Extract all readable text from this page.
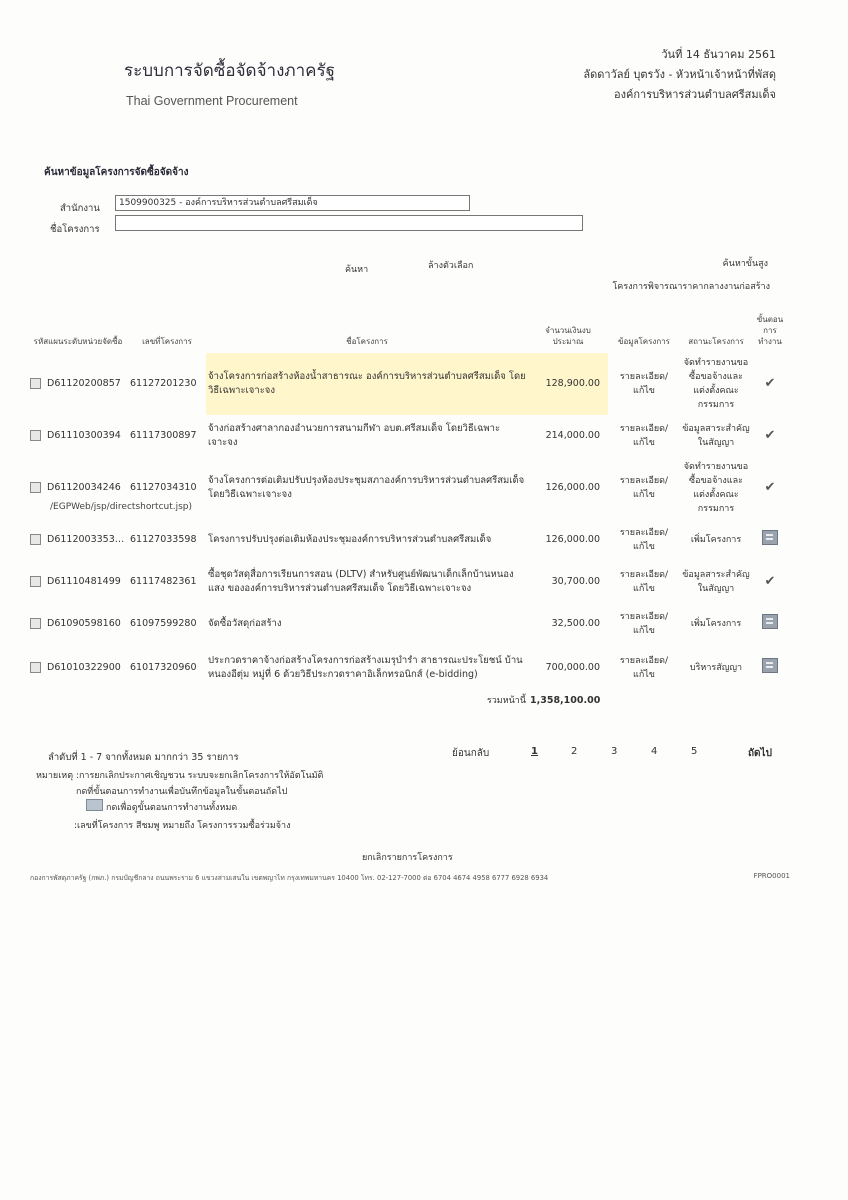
ระบบการจัดซื้อจัดจ้างภาครัฐ
Thai Government Procurement
วันที่ 14 ธันวาคม 2561
ลัดดาวัลย์ บุตรวัง - หัวหน้าเจ้าหน้าที่พัสดุ
องค์การบริหารส่วนตำบลศรีสมเด็จ
ค้นหาข้อมูลโครงการจัดซื้อจัดจ้าง
สำนักงาน	1509900325 - องค์การบริหารส่วนตำบลศรีสมเด็จ
ชื่อโครงการ
ค้นหา	ล้างตัวเลือก	ค้นหาขั้นสูง
โครงการพิจารณาราคากลางงานก่อสร้าง
รหัสแผนระดับหน่วยจัดซื้อ	เลขที่โครงการ	ชื่อโครงการ	จำนวนเงินงบประมาณ	ข้อมูลโครงการ	สถานะโครงการ	ขั้นตอนการทำงาน
D61120200857	61127201230	จ้างโครงการก่อสร้างห้องน้ำสาธารณะ องค์การบริหารส่วนตำบลศรีสมเด็จ โดยวิธีเฉพาะเจาะจง	128,900.00	รายละเอียด/แก้ไข	จัดทำรายงานขอซื้อขอจ้างและแต่งตั้งคณะกรรมการ	✔
D61110300394	61117300897	จ้างก่อสร้างศาลากองอำนวยการสนามกีฬา อบต.ศรีสมเด็จ โดยวิธีเฉพาะเจาะจง	214,000.00	รายละเอียด/แก้ไข	ข้อมูลสาระสำคัญในสัญญา	✔
D61120034246	61127034310	จ้างโครงการต่อเติมปรับปรุงห้องประชุมสภาองค์การบริหารส่วนตำบลศรีสมเด็จ โดยวิธีเฉพาะเจาะจง	126,000.00	รายละเอียด/แก้ไข	จัดทำรายงานขอซื้อขอจ้างและแต่งตั้งคณะกรรมการ	✔
D6112003353…	61127033598	โครงการปรับปรุงต่อเติมห้องประชุมองค์การบริหารส่วนตำบลศรีสมเด็จ	126,000.00	รายละเอียด/แก้ไข	เพิ่มโครงการ	
D61110481499	61117482361	ซื้อชุดวัสดุสื่อการเรียนการสอน (DLTV) สำหรับศูนย์พัฒนาเด็กเล็กบ้านหนองแสง ขององค์การบริหารส่วนตำบลศรีสมเด็จ โดยวิธีเฉพาะเจาะจง	30,700.00	รายละเอียด/แก้ไข	ข้อมูลสาระสำคัญในสัญญา	✔
D61090598160	61097599280	จัดซื้อวัสดุก่อสร้าง	32,500.00	รายละเอียด/แก้ไข	เพิ่มโครงการ	
D61010322900	61017320960	ประกวดราคาจ้างก่อสร้างโครงการก่อสร้างเมรุบำรำ สาธารณะประโยชน์ บ้านหนองอีตุ่ม หมู่ที่ 6 ด้วยวิธีประกวดราคาอิเล็กทรอนิกส์ (e-bidding)	700,000.00	รายละเอียด/แก้ไข	บริหารสัญญา	
		รวมหน้านี้	1,358,100.00			
/EGPWeb/jsp/directshortcut.jsp)
ลำดับที่ 1 - 7 จากทั้งหมด มากกว่า 35 รายการ	ย้อนกลับ	1	2	3	4	5	ถัดไป
หมายเหตุ :การยกเลิกประกาศเชิญชวน ระบบจะยกเลิกโครงการให้อัตโนมัติ
กดที่ขั้นตอนการทำงานเพื่อบันทึกข้อมูลในขั้นตอนถัดไป
กดเพื่อดูขั้นตอนการทำงานทั้งหมด
:เลขที่โครงการ สีชมพู หมายถึง โครงการรวมซื้อร่วมจ้าง
ยกเลิกรายการโครงการ
กองการพัสดุภาครัฐ (กพภ.) กรมบัญชีกลาง ถนนพระราม 6 แขวงสามเสนใน เขตพญาไท กรุงเทพมหานคร 10400 โทร. 02-127-7000 ต่อ 6704 4674 4958 6777 6928 6934	FPRO0001
